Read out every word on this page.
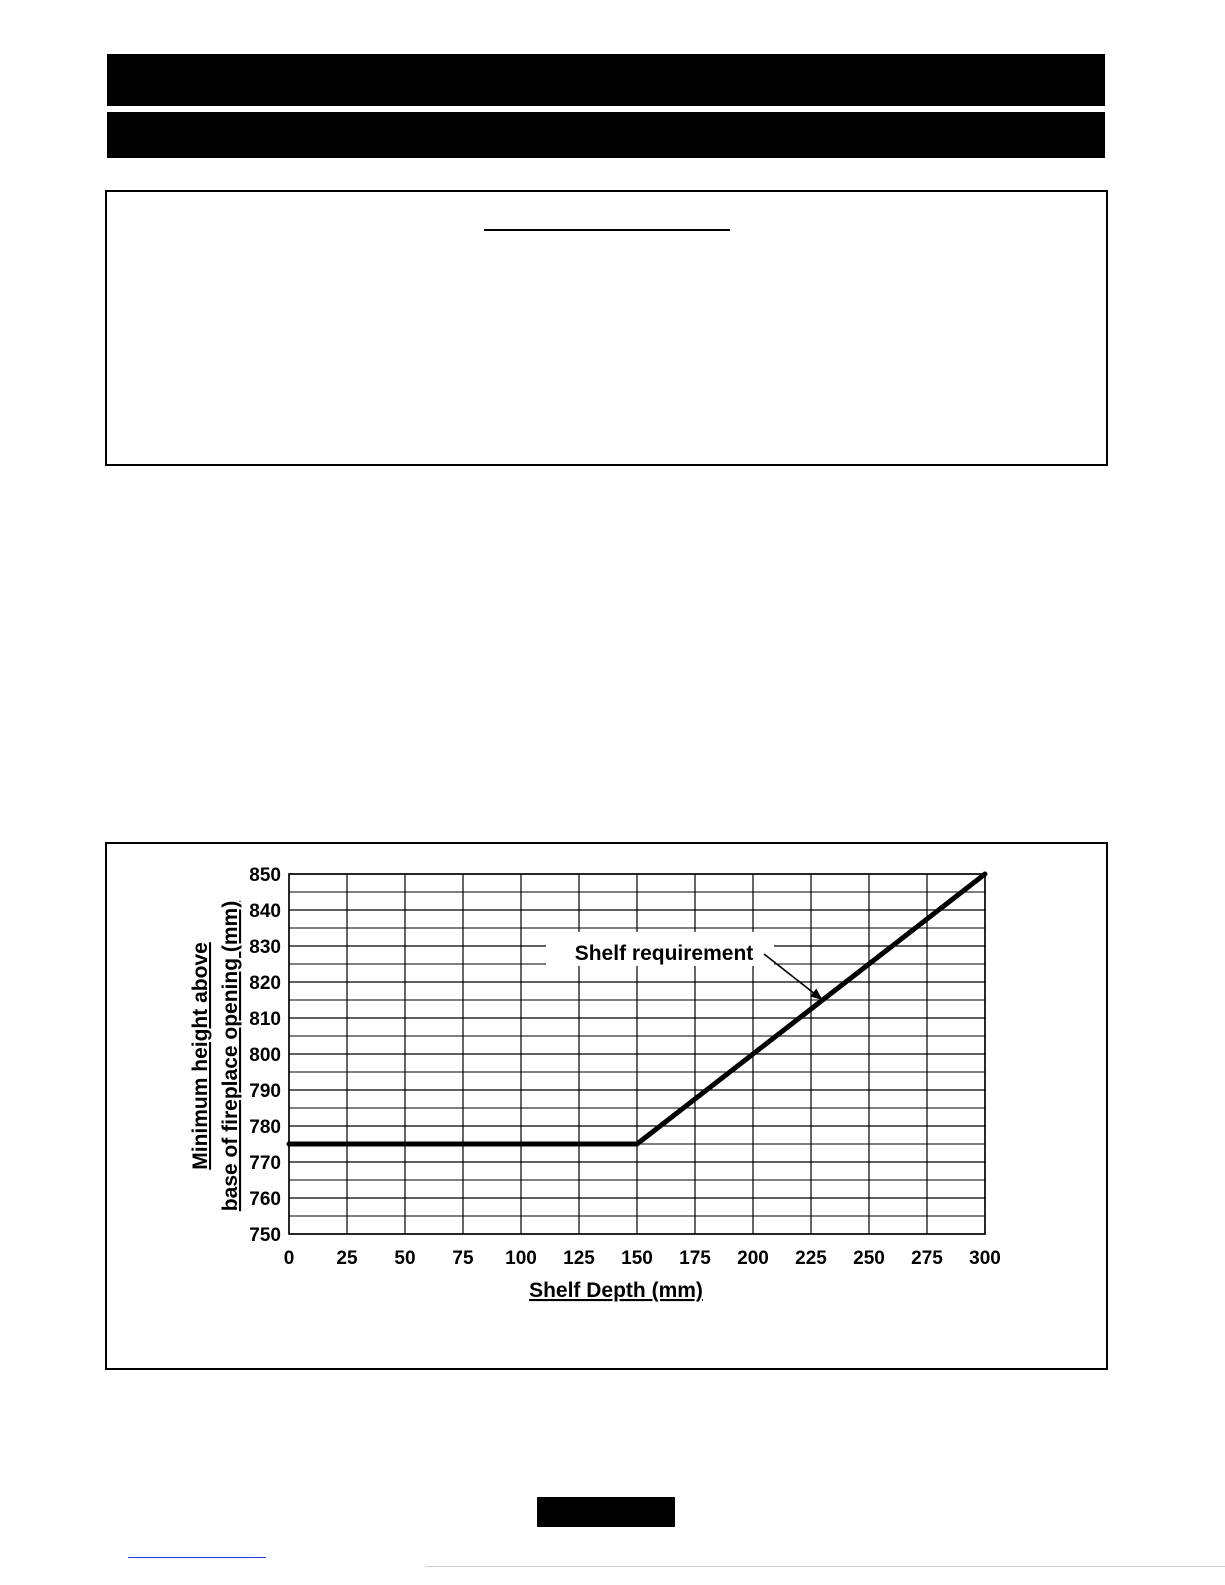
750
760
770
780
790
800
810
820
830
840
850
0 25 50 75 100 125 150 175 200 225 250 275 300
Shelf Depth (mm)
Minimum height above base of fireplace opening (mm)	Shelf requirement
